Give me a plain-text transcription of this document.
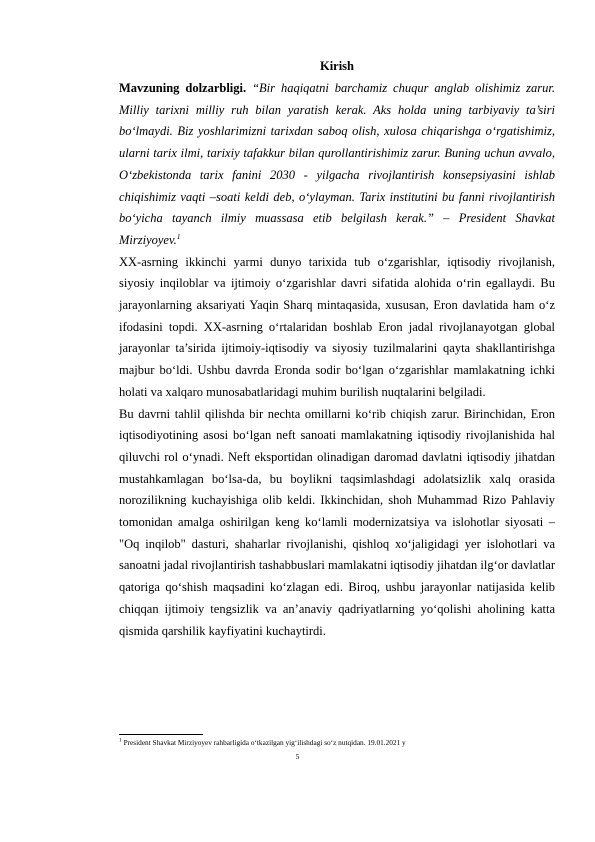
Kirish

Mavzuning dolzarbligi. “Bir haqiqatni barchamiz chuqur anglab olishimiz zarur. Milliy tarixni milliy ruh bilan yaratish kerak. Aks holda uning tarbiyaviy ta’siri bo‘lmaydi. Biz yoshlarimizni tarixdan saboq olish, xulosa chiqarishga o‘rgatishimiz, ularni tarix ilmi, tarixiy tafakkur bilan qurollantirishimiz zarur. Buning uchun avvalo, O‘zbekistonda tarix fanini 2030 - yilgacha rivojlantirish konsepsiyasini ishlab chiqishimiz vaqti –soati keldi deb, o‘ylayman. Tarix institutini bu fanni rivojlantirish bo‘yicha tayanch ilmiy muassasa etib belgilash kerak.” – President Shavkat Mirziyoyev.$^1$

XX-asrning ikkinchi yarmi dunyo tarixida tub o‘zgarishlar, iqtisodiy rivojlanish, siyosiy inqiloblar va ijtimoiy o‘zgarishlar davri sifatida alohida o‘rin egallaydi. Bu jarayonlarning aksariyati Yaqin Sharq mintaqasida, xususan, Eron davlatida ham o‘z ifodasini topdi. XX-asrning o‘rtalaridan boshlab Eron jadal rivojlanayotgan global jarayonlar ta’sirida ijtimoiy-iqtisodiy va siyosiy tuzilmalarini qayta shakllantirishga majbur bo‘ldi. Ushbu davrda Eronda sodir bo‘lgan o‘zgarishlar mamlakatning ichki holati va xalqaro munosabatlaridagi muhim burilish nuqtalarini belgiladi.

Bu davrni tahlil qilishda bir nechta omillarni ko‘rib chiqish zarur. Birinchidan, Eron iqtisodiyotining asosi bo‘lgan neft sanoati mamlakatning iqtisodiy rivojlanishida hal qiluvchi rol o‘ynadi. Neft eksportidan olinadigan daromad davlatni iqtisodiy jihatdan mustahkamlagan bo‘lsa-da, bu boylikni taqsimlashdagi adolatsizlik xalq orasida norozilikning kuchayishiga olib keldi. Ikkinchidan, shoh Muhammad Rizo Pahlaviy tomonidan amalga oshirilgan keng ko‘lamli modernizatsiya va islohotlar siyosati – "Oq inqilob" dasturi, shaharlar rivojlanishi, qishloq xo‘jaligidagi yer islohotlari va sanoatni jadal rivojlantirish tashabbuslari mamlakatni iqtisodiy jihatdan ilg‘or davlatlar qatoriga qo‘shish maqsadini ko‘zlagan edi. Biroq, ushbu jarayonlar natijasida kelib chiqqan ijtimoiy tengsizlik va an’anaviy qadriyatlarning yo‘qolishi aholining katta qismida qarshilik kayfiyatini kuchaytirdi.

$^1$ President Shavkat Mirziyoyev rahbarligida o‘tkazilgan yig‘ilishdagi so‘z nutqidan. 19.01.2021 y
5
